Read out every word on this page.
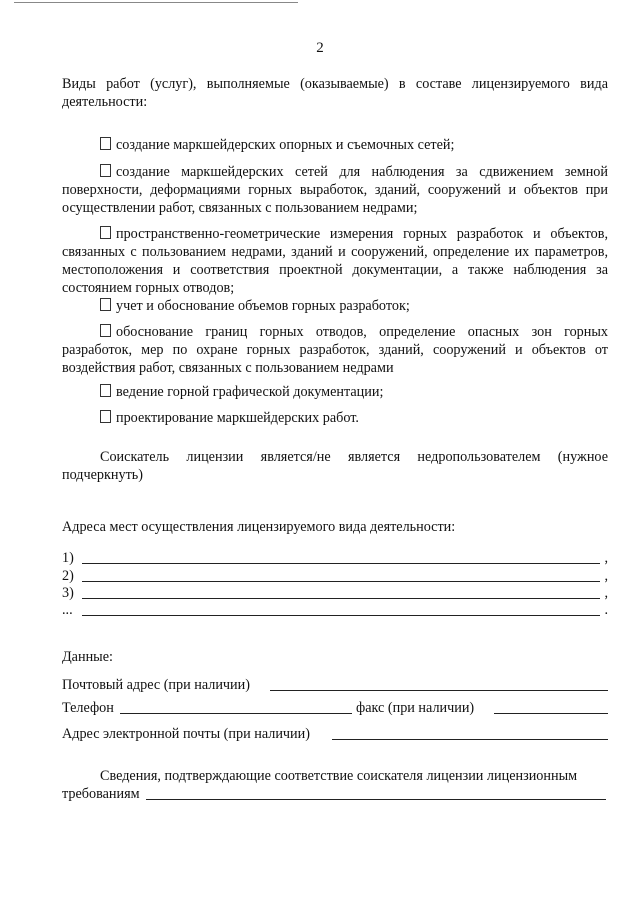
2
Виды работ (услуг), выполняемые (оказываемые) в составе лицензируемого вида деятельности:
создание маркшейдерских опорных и съемочных сетей;
создание маркшейдерских сетей для наблюдения за сдвижением земной поверхности, деформациями горных выработок, зданий, сооружений и объектов при осуществлении работ, связанных с пользованием недрами;
пространственно-геометрические измерения горных разработок и объектов, связанных с пользованием недрами, зданий и сооружений, определение их параметров, местоположения и соответствия проектной документации, а также наблюдения за состоянием горных отводов;
учет и обоснование объемов горных разработок;
обоснование границ горных отводов, определение опасных зон горных разработок, мер по охране горных разработок, зданий, сооружений и объектов от воздействия работ, связанных с пользованием недрами
ведение горной графической документации;
проектирование маркшейдерских работ.
Соискатель лицензии является/не является недропользователем (нужное подчеркнуть)
Адреса мест осуществления лицензируемого вида деятельности:
1)	,
2)	,
3)	,
...	.
Данные:
Почтовый адрес (при наличии)
Телефон	факс (при наличии)
Адрес электронной почты (при наличии)
Сведения, подтверждающие соответствие соискателя лицензии лицензионным
требованиям
